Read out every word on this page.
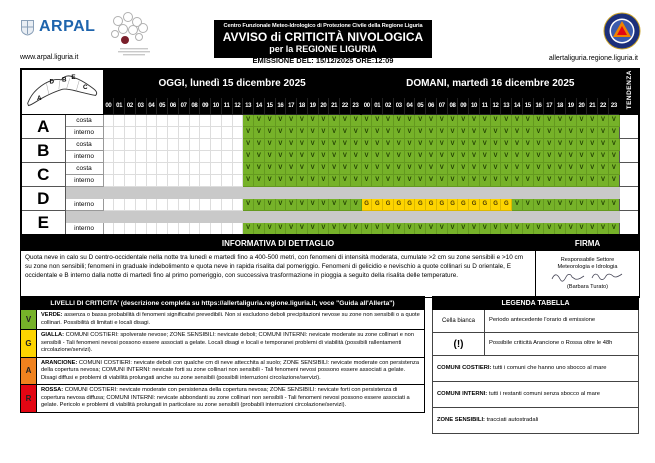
ARPAL
www.arpal.liguria.it
Centro Funzionale Meteo-Idrologico di Protezione Civile della Regione Liguria
AVVISO di CRITICITÀ NIVOLOGICA
per la REGIONE LIGURIA
EMISSIONE DEL: 15/12/2025 ORE:12:09	allertaliguria.regione.liguria.it
A
D B E
C		OGGI, lunedì 15 dicembre 2025																								DOMANI, martedì 16 dicembre 2025																								TENDENZA
		00	01	02	03	04	05	06	07	08	09	10	11	12	13	14	15	16	17	18	19	20	21	22	23	00	01	02	03	04	05	06	07	08	09	10	11	12	13	14	15	16	17	18	19	20	21	22	23	
A	costa														V	V	V	V	V	V	V	V	V	V	V	V	V	V	V	V	V	V	V	V	V	V	V	V	V	V	V	V	V	V	V	V	V	V	V	
	interno														V	V	V	V	V	V	V	V	V	V	V	V	V	V	V	V	V	V	V	V	V	V	V	V	V	V	V	V	V	V	V	V	V	V	V	
B	costa														V	V	V	V	V	V	V	V	V	V	V	V	V	V	V	V	V	V	V	V	V	V	V	V	V	V	V	V	V	V	V	V	V	V	V	
	interno														V	V	V	V	V	V	V	V	V	V	V	V	V	V	V	V	V	V	V	V	V	V	V	V	V	V	V	V	V	V	V	V	V	V	V	
C	costa														V	V	V	V	V	V	V	V	V	V	V	V	V	V	V	V	V	V	V	V	V	V	V	V	V	V	V	V	V	V	V	V	V	V	V	
	interno														V	V	V	V	V	V	V	V	V	V	V	V	V	V	V	V	V	V	V	V	V	V	V	V	V	V	V	V	V	V	V	V	V	V	V	
D																																																		
	interno														V	V	V	V	V	V	V	V	V	V	V	G	G	G	G	G	G	G	G	G	G	G	G	G	G	V	V	V	V	V	V	V	V	V	V	
E																																																		
	interno														V	V	V	V	V	V	V	V	V	V	V	V	V	V	V	V	V	V	V	V	V	V	V	V	V	V	V	V	V	V	V	V	V	V	V	
INFORMATIVA DI DETTAGLIO	FIRMA
Quota neve in calo su D centro-occidentale nella notte tra lunedì e martedì fino a 400-500 metri, con fenomeni di intensità moderata, cumulate >2 cm su zone sensibili e >10 cm su zone non sensibili; fenomeni in graduale indebolimento e quota neve in rapida risalita dal pomeriggio. Fenomeni di gelicidio e nevischio a quote collinari su D orientale, E occidentale e B interno dalla notte di martedì fino al primo pomeriggio, con successiva trasformazione in pioggia a seguito della risalita delle temperature.	
Responsabile Settore
Meteorologia e Idrologia
(Barbara Turato)
LIVELLI DI CRITICITA' (descrizione completa su https://allertaliguria.regione.liguria.it, voce "Guida all'Allerta")	
V	VERDE: assenza o bassa probabilità di fenomeni significativi prevedibili. Non si escludono deboli precipitazioni nevose su zone non sensibili o a quote collinari. Possibilità di limitati e locali disagi.
G	GIALLA: COMUNI COSTIERI: spolverate nevose; ZONE SENSIBILI: nevicate deboli; COMUNI INTERNI: nevicate moderate su zone collinari e non sensibili - Tali fenomeni nevosi possono essere associati a gelate. Locali disagi e locali e temporanei problemi di viabilità (possibili rallentamenti circolazione/servizi).
A	ARANCIONE: COMUNI COSTIERI: nevicate deboli con qualche cm di neve attecchita al suolo; ZONE SENSIBILI: nevicate moderate con persistenza della copertura nevosa; COMUNI INTERNI: nevicate forti su zone collinari non sensibili - Tali fenomeni nevosi possono essere associati a gelate. Disagi diffusi e problemi di viabilità prolungati anche su zone sensibili (possibili interruzioni circolazione/servizi).
R	ROSSA: COMUNI COSTIERI: nevicate moderate con persistenza della copertura nevosa; ZONE SENSIBILI: nevicate forti con persistenza di copertura nevosa diffusa; COMUNI INTERNI: nevicate abbondanti su zone collinari non sensibili - Tali fenomeni nevosi possono essere associati a gelate. Pericolo e problemi di viabilità prolungati in particolare su zone sensibili (probabili interruzioni circolazione/servizi).
LEGENDA TABELLA	
Cella bianca	Periodo antecedente l'orario di emissione
(!)	Possibile criticità Arancione o Rossa oltre le 48h
COMUNI COSTIERI: tutti i comuni che hanno uno sbocco al mare	
COMUNI INTERNI: tutti i restanti comuni senza sbocco al mare	
ZONE SENSIBILI: tracciati autostradali	
